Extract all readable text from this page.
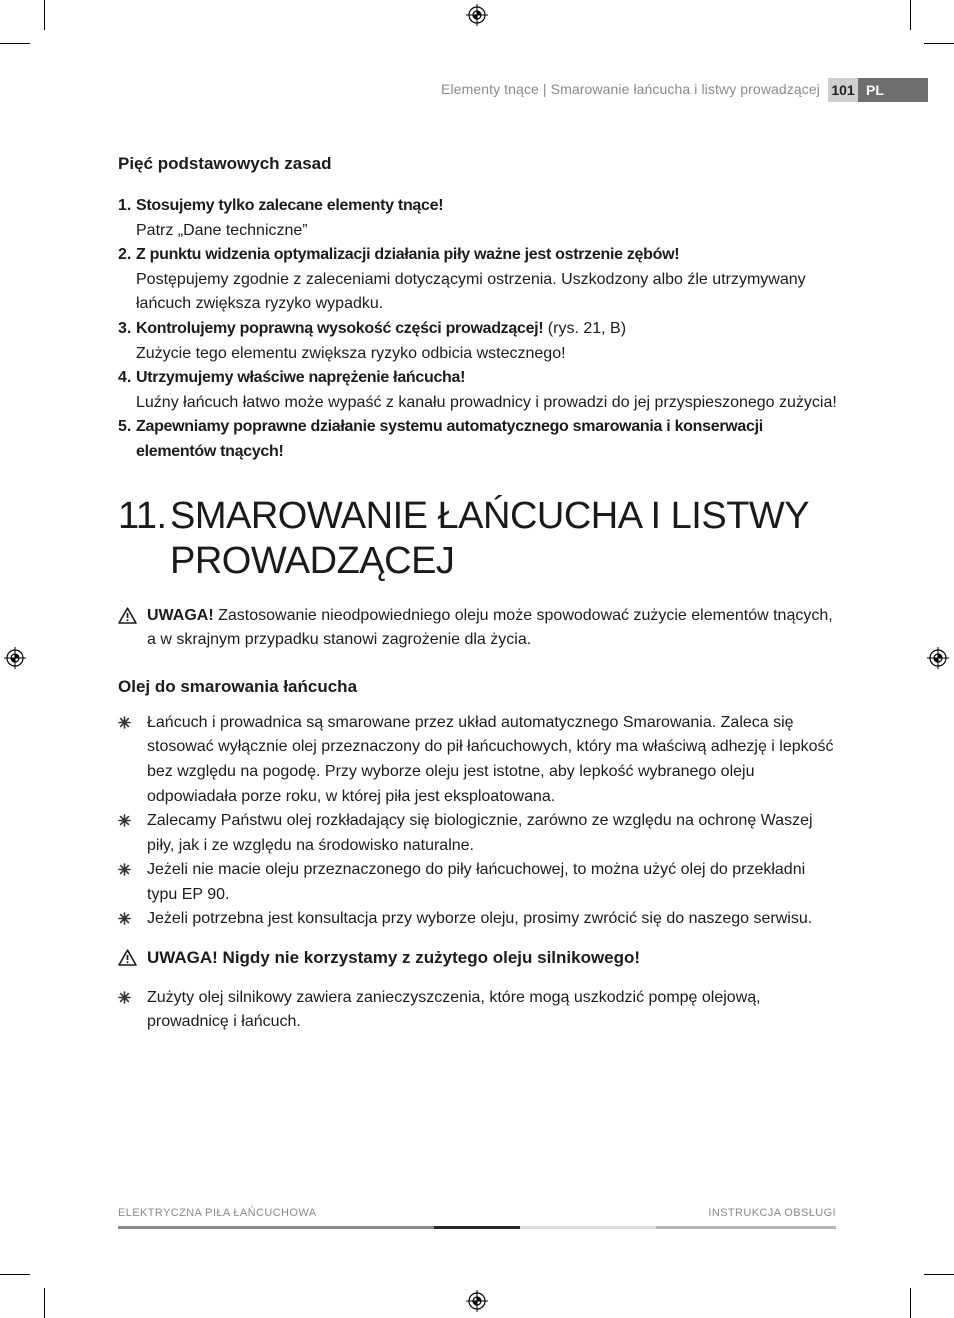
Elementy tnące | Smarowanie łańcucha i listwy prowadzącej 101 PL
Pięć podstawowych zasad
1. Stosujemy tylko zalecane elementy tnące!
Patrz „Dane techniczne”
2. Z punktu widzenia optymalizacji działania piły ważne jest ostrzenie zębów!
Postępujemy zgodnie z zaleceniami dotyczącymi ostrzenia. Uszkodzony albo źle utrzymywany łańcuch zwiększa ryzyko wypadku.
3. Kontrolujemy poprawną wysokość części prowadzącej! (rys. 21, B)
Zużycie tego elementu zwiększa ryzyko odbicia wstecznego!
4. Utrzymujemy właściwe naprężenie łańcucha!
Luźny łańcuch łatwo może wypaść z kanału prowadnicy i prowadzi do jej przyspieszonego zużycia!
5. Zapewniamy poprawne działanie systemu automatycznego smarowania i konserwacji elementów tnących!
11. SMAROWANIE ŁAŃCUCHA I LISTWY PROWADZĄCEJ
UWAGA! Zastosowanie nieodpowiedniego oleju może spowodować zużycie elementów tnących, a w skrajnym przypadku stanowi zagrożenie dla życia.
Olej do smarowania łańcucha
Łańcuch i prowadnica są smarowane przez układ automatycznego Smarowania. Zaleca się stosować wyłącznie olej przeznaczony do pił łańcuchowych, który ma właściwą adhezję i lepkość bez względu na pogodę. Przy wyborze oleju jest istotne, aby lepkość wybranego oleju odpowiadała porze roku, w której piła jest eksploatowana.
Zalecamy Państwu olej rozkładający się biologicznie, zarówno ze względu na ochronę Waszej piły, jak i ze względu na środowisko naturalne.
Jeżeli nie macie oleju przeznaczonego do piły łańcuchowej, to można użyć olej do przekładni typu EP 90.
Jeżeli potrzebna jest konsultacja przy wyborze oleju, prosimy zwrócić się do naszego serwisu.
UWAGA! Nigdy nie korzystamy z zużytego oleju silnikowego!
Zużyty olej silnikowy zawiera zanieczyszczenia, które mogą uszkodzić pompę olejową, prowadnicę i łańcuch.
ELEKTRYCZNA PIŁA ŁAŃCUCHOWA	INSTRUKCJA OBSŁUGI
